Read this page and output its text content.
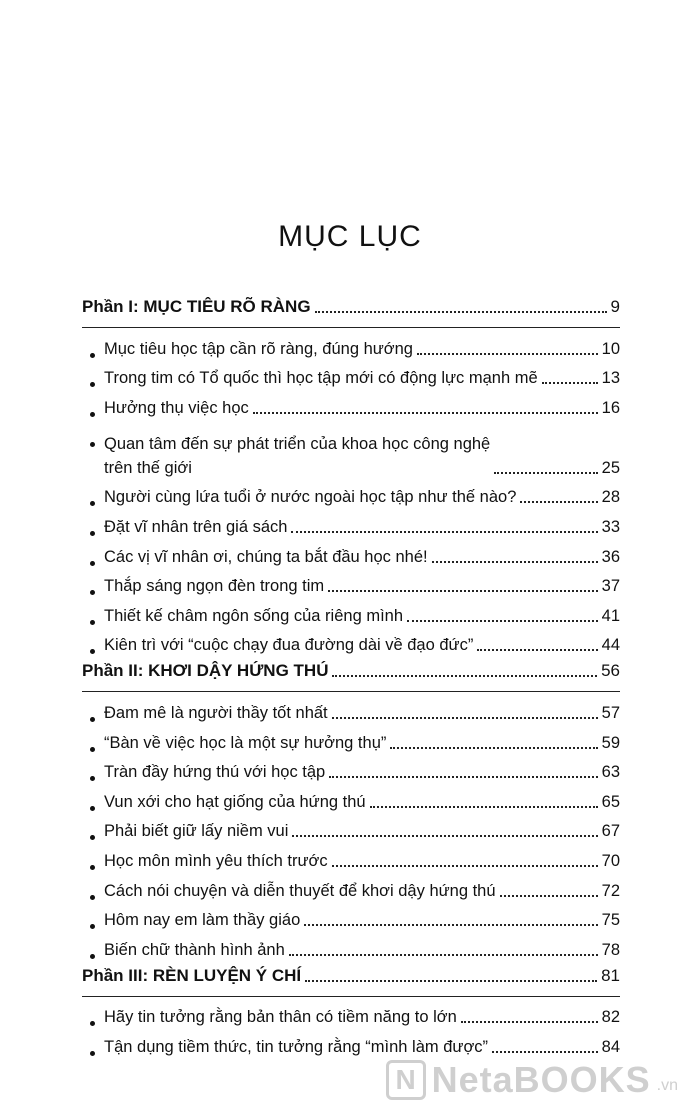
MỤC LỤC
Phần I: MỤC TIÊU RÕ RÀNG	9
Mục tiêu học tập cần rõ ràng, đúng hướng	10
Trong tim có Tổ quốc thì học tập mới có động lực mạnh mẽ	13
Hưởng thụ việc học	16
Quan tâm đến sự phát triển của khoa học công nghệ
trên thế giới	25
Người cùng lứa tuổi ở nước ngoài học tập như thế nào?	28
Đặt vĩ nhân trên giá sách	33
Các vị vĩ nhân ơi, chúng ta bắt đầu học nhé!	36
Thắp sáng ngọn đèn trong tim	37
Thiết kế châm ngôn sống của riêng mình	41
Kiên trì với “cuộc chạy đua đường dài về đạo đức”	44
Phần II: KHƠI DẬY HỨNG THÚ	56
Đam mê là người thầy tốt nhất	57
“Bàn về việc học là một sự hưởng thụ”	59
Tràn đầy hứng thú với học tập	63
Vun xới cho hạt giống của hứng thú	65
Phải biết giữ lấy niềm vui	67
Học môn mình yêu thích trước	70
Cách nói chuyện và diễn thuyết để khơi dậy hứng thú	72
Hôm nay em làm thầy giáo	75
Biến chữ thành hình ảnh	78
Phần III: RÈN LUYỆN Ý CHÍ	81
Hãy tin tưởng rằng bản thân có tiềm năng to lớn	82
Tận dụng tiềm thức, tin tưởng rằng “mình làm được”	84
N NetaBOOKS .vn
